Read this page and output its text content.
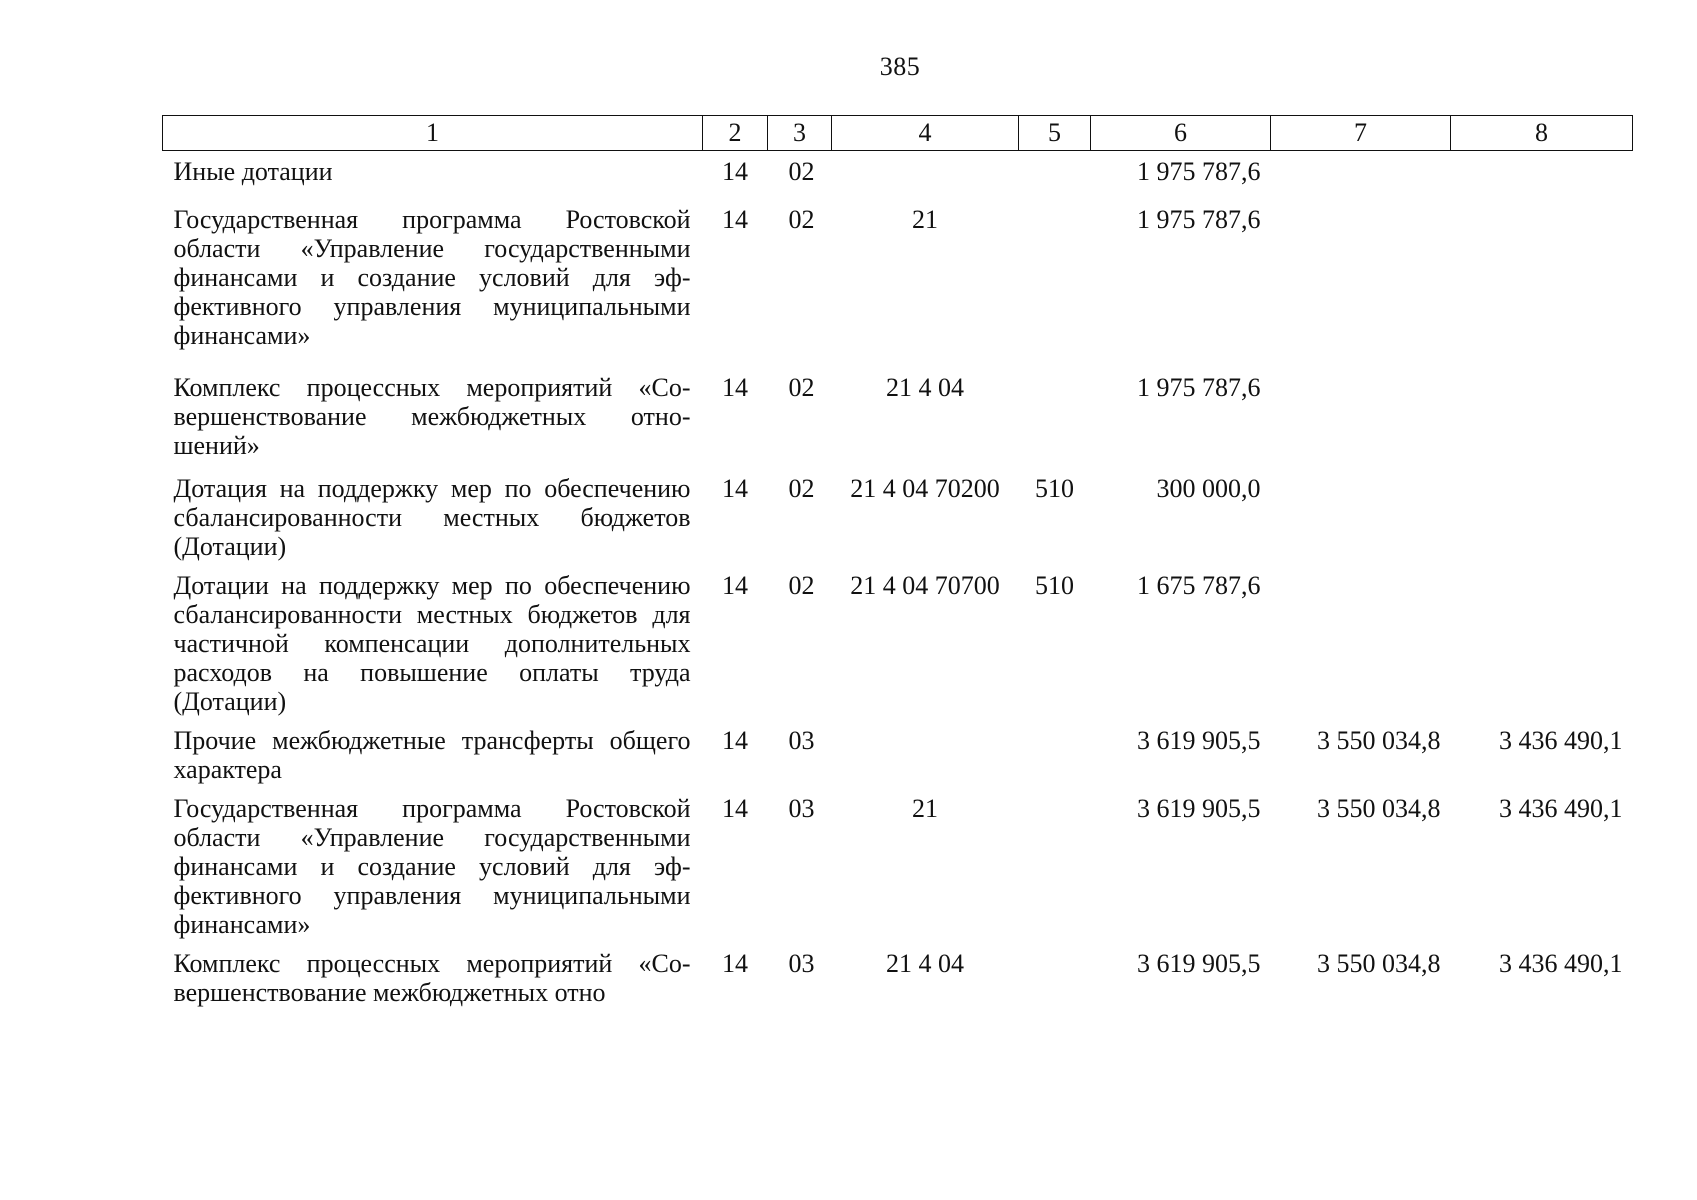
385
1	2	3	4	5	6	7	8
Иные дотации	14	02			1 975 787,6		
Государственная программа Ростовской области «Управление государственными финансами и создание условий для эффективного управления муниципальными финансами»	14	02	21		1 975 787,6		
Комплекс процессных мероприятий «Совершенствование межбюджетных отношений»	14	02	21 4 04		1 975 787,6		
Дотация на поддержку мер по обеспечению сбалансированности местных бюджетов (Дотации)	14	02	21 4 04 70200	510	300 000,0		
Дотации на поддержку мер по обеспечению сбалансированности местных бюджетов для частичной компенсации дополнительных расходов на повышение оплаты труда (Дотации)	14	02	21 4 04 70700	510	1 675 787,6		
Прочие межбюджетные трансферты общего характера	14	03			3 619 905,5	3 550 034,8	3 436 490,1
Государственная программа Ростовской области «Управление государственными финансами и создание условий для эффективного управления муниципальными финансами»	14	03	21		3 619 905,5	3 550 034,8	3 436 490,1
Комплекс процессных мероприятий «Совершенствование межбюджетных отно	14	03	21 4 04		3 619 905,5	3 550 034,8	3 436 490,1
